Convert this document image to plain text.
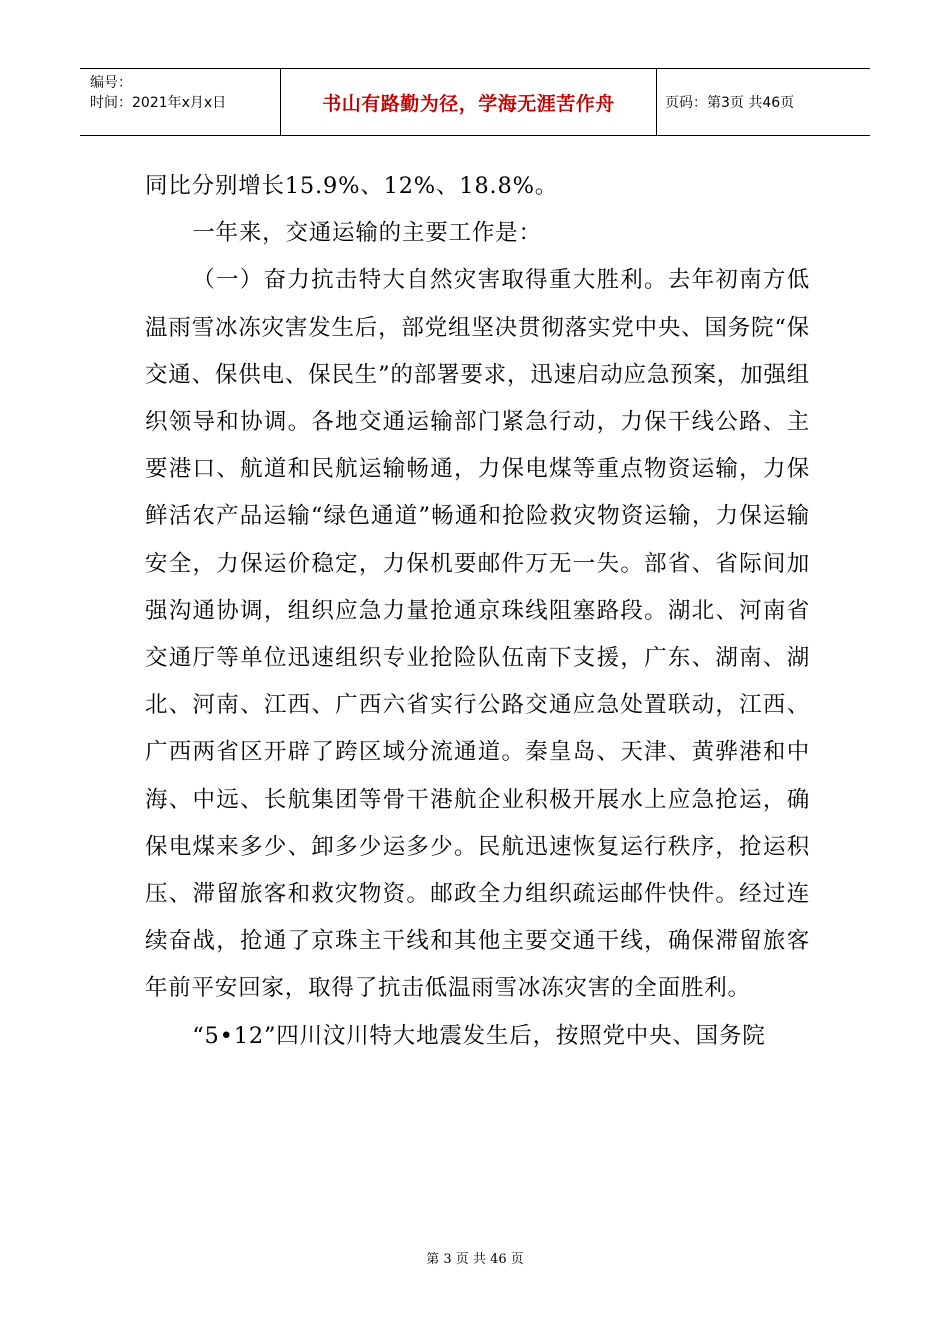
编号：
时间：2021年x月x日	书山有路勤为径，学海无涯苦作舟	页码：第3页 共46页

同比分别增长15.9%、12%、18.8%。

一年来，交通运输的主要工作是：

（一）奋力抗击特大自然灾害取得重大胜利。去年初南方低温雨雪冰冻灾害发生后，部党组坚决贯彻落实党中央、国务院“保交通、保供电、保民生”的部署要求，迅速启动应急预案，加强组织领导和协调。各地交通运输部门紧急行动，力保干线公路、主要港口、航道和民航运输畅通，力保电煤等重点物资运输，力保鲜活农产品运输“绿色通道”畅通和抢险救灾物资运输，力保运输安全，力保运价稳定，力保机要邮件万无一失。部省、省际间加强沟通协调，组织应急力量抢通京珠线阻塞路段。湖北、河南省交通厅等单位迅速组织专业抢险队伍南下支援，广东、湖南、湖北、河南、江西、广西六省实行公路交通应急处置联动，江西、广西两省区开辟了跨区域分流通道。秦皇岛、天津、黄骅港和中海、中远、长航集团等骨干港航企业积极开展水上应急抢运，确保电煤来多少、卸多少运多少。民航迅速恢复运行秩序，抢运积压、滞留旅客和救灾物资。邮政全力组织疏运邮件快件。经过连续奋战，抢通了京珠主干线和其他主要交通干线，确保滞留旅客年前平安回家，取得了抗击低温雨雪冰冻灾害的全面胜利。

“5•12”四川汶川特大地震发生后，按照党中央、国务院

第 3 页 共 46 页
